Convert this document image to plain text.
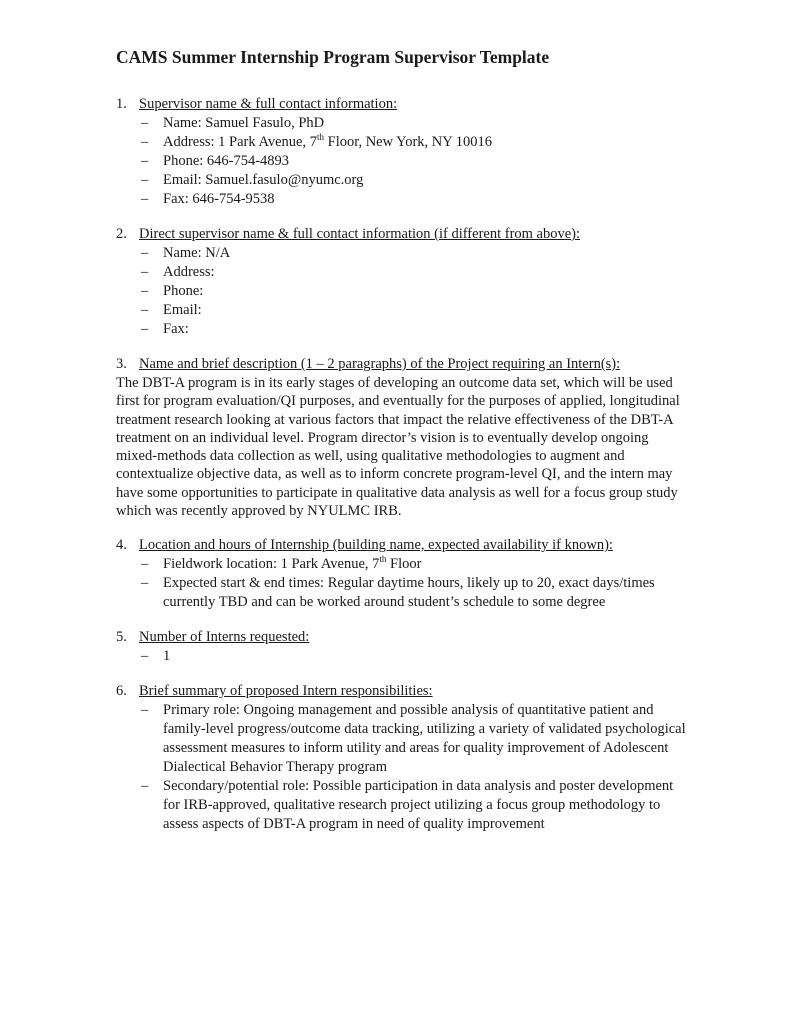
CAMS Summer Internship Program Supervisor Template
1. Supervisor name & full contact information:
– Name: Samuel Fasulo, PhD
– Address: 1 Park Avenue, 7th Floor, New York, NY 10016
– Phone: 646-754-4893
– Email: Samuel.fasulo@nyumc.org
– Fax: 646-754-9538
2. Direct supervisor name & full contact information (if different from above):
– Name: N/A
– Address:
– Phone:
– Email:
– Fax:
3. Name and brief description (1 – 2 paragraphs) of the Project requiring an Intern(s):
The DBT-A program is in its early stages of developing an outcome data set, which will be used first for program evaluation/QI purposes, and eventually for the purposes of applied, longitudinal treatment research looking at various factors that impact the relative effectiveness of the DBT-A treatment on an individual level. Program director’s vision is to eventually develop ongoing mixed-methods data collection as well, using qualitative methodologies to augment and contextualize objective data, as well as to inform concrete program-level QI, and the intern may have some opportunities to participate in qualitative data analysis as well for a focus group study which was recently approved by NYULMC IRB.
4. Location and hours of Internship (building name, expected availability if known):
– Fieldwork location: 1 Park Avenue, 7th Floor
– Expected start & end times: Regular daytime hours, likely up to 20, exact days/times currently TBD and can be worked around student’s schedule to some degree
5. Number of Interns requested:
– 1
6. Brief summary of proposed Intern responsibilities:
– Primary role: Ongoing management and possible analysis of quantitative patient and family-level progress/outcome data tracking, utilizing a variety of validated psychological assessment measures to inform utility and areas for quality improvement of Adolescent Dialectical Behavior Therapy program
– Secondary/potential role: Possible participation in data analysis and poster development for IRB-approved, qualitative research project utilizing a focus group methodology to assess aspects of DBT-A program in need of quality improvement
